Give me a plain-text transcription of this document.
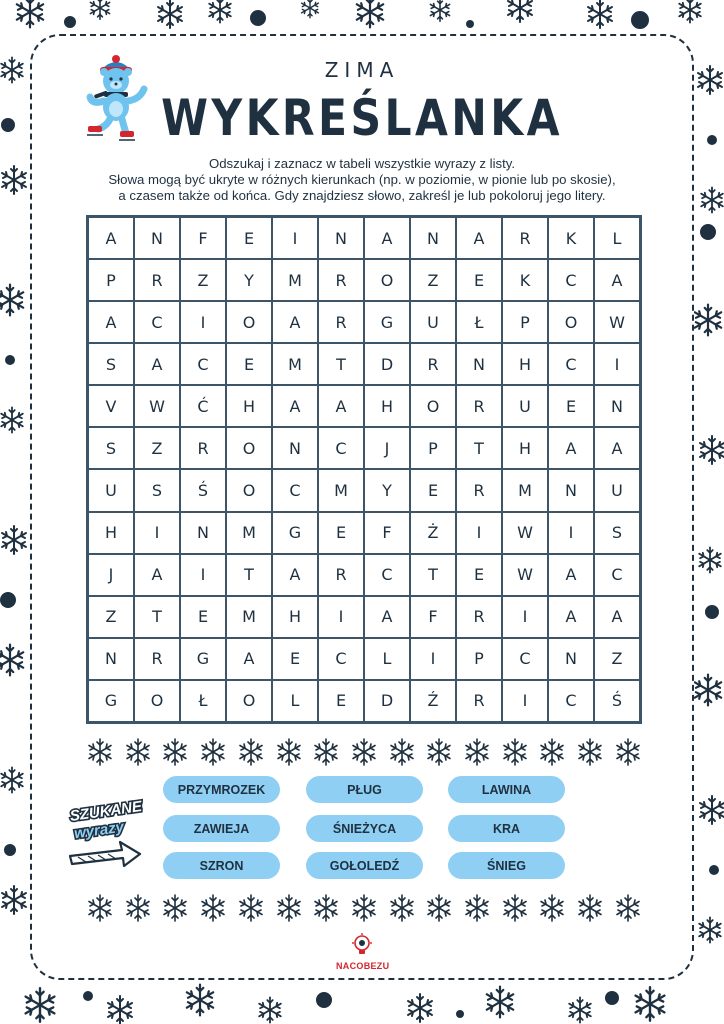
ZIMA
WYKREŚLANKA
Odszukaj i zaznacz w tabeli wszystkie wyrazy z listy.
Słowa mogą być ukryte w różnych kierunkach (np. w poziomie, w pionie lub po skosie),
a czasem także od końca. Gdy znajdziesz słowo, zakreśl je lub pokoloruj jego litery.
A	N	F	E	I	N	A	N	A	R	K	L
P	R	Z	Y	M	R	O	Z	E	K	C	A
A	C	I	O	A	R	G	U	Ł	P	O	W
S	A	C	E	M	T	D	R	N	H	C	I
V	W	Ć	H	A	A	H	O	R	U	E	N
S	Z	R	O	N	C	J	P	T	H	A	A
U	S	Ś	O	C	M	Y	E	R	M	N	U
H	I	N	M	G	E	F	Ż	I	W	I	S
J	A	I	T	A	R	C	T	E	W	A	C
Z	T	E	M	H	I	A	F	R	I	A	A
N	R	G	A	E	C	L	I	P	C	N	Z
G	O	Ł	O	L	E	D	Ź	R	I	C	Ś
SZUKANE
wyrazy
PRZYMROZEK	PŁUG	LAWINA
ZAWIEJA	ŚNIEŻYCA	KRA
SZRON	GOŁOLEDŹ	ŚNIEG
NACOBEZU
